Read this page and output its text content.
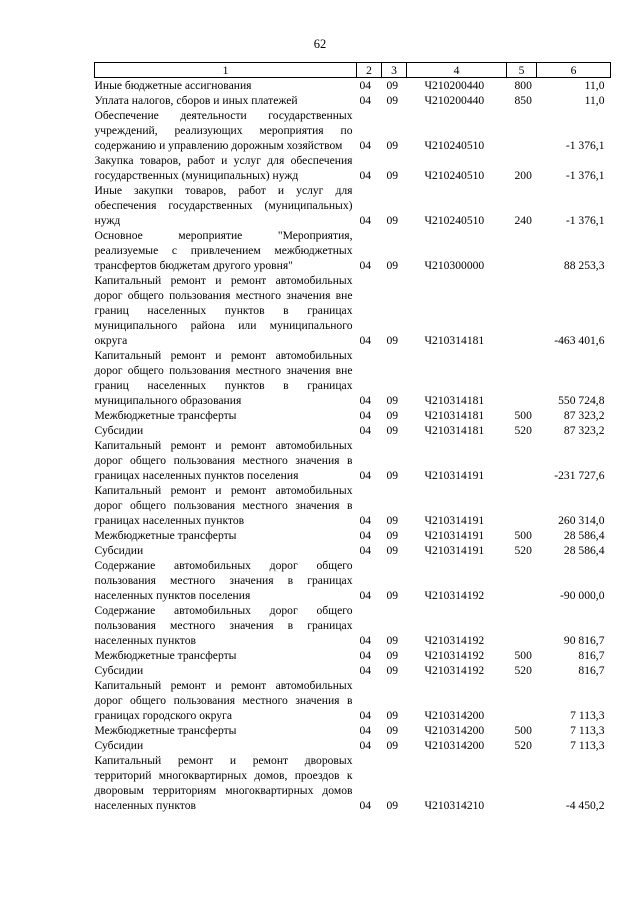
62
1	2	3	4	5	6
Иные бюджетные ассигнования	04	09	Ч210200440	800	11,0
Уплата налогов, сборов и иных платежей	04	09	Ч210200440	850	11,0
Обеспечение деятельности государственных учреждений, реализующих мероприятия по содержанию и управлению дорожным хозяйством	04	09	Ч210240510		-1 376,1
Закупка товаров, работ и услуг для обеспечения государственных (муниципальных) нужд	04	09	Ч210240510	200	-1 376,1
Иные закупки товаров, работ и услуг для обеспечения государственных (муниципальных) нужд	04	09	Ч210240510	240	-1 376,1
Основное мероприятие "Мероприятия, реализуемые с привлечением межбюджетных трансфертов бюджетам другого уровня"	04	09	Ч210300000		88 253,3
Капитальный ремонт и ремонт автомобильных дорог общего пользования местного значения вне границ населенных пунктов в границах муниципального района или муниципального округа	04	09	Ч210314181		-463 401,6
Капитальный ремонт и ремонт автомобильных дорог общего пользования местного значения вне границ населенных пунктов в границах муниципального образования	04	09	Ч210314181		550 724,8
Межбюджетные трансферты	04	09	Ч210314181	500	87 323,2
Субсидии	04	09	Ч210314181	520	87 323,2
Капитальный ремонт и ремонт автомобильных дорог общего пользования местного значения в границах населенных пунктов поселения	04	09	Ч210314191		-231 727,6
Капитальный ремонт и ремонт автомобильных дорог общего пользования местного значения в границах населенных пунктов	04	09	Ч210314191		260 314,0
Межбюджетные трансферты	04	09	Ч210314191	500	28 586,4
Субсидии	04	09	Ч210314191	520	28 586,4
Содержание автомобильных дорог общего пользования местного значения в границах населенных пунктов поселения	04	09	Ч210314192		-90 000,0
Содержание автомобильных дорог общего пользования местного значения в границах населенных пунктов	04	09	Ч210314192		90 816,7
Межбюджетные трансферты	04	09	Ч210314192	500	816,7
Субсидии	04	09	Ч210314192	520	816,7
Капитальный ремонт и ремонт автомобильных дорог общего пользования местного значения в границах городского округа	04	09	Ч210314200		7 113,3
Межбюджетные трансферты	04	09	Ч210314200	500	7 113,3
Субсидии	04	09	Ч210314200	520	7 113,3
Капитальный ремонт и ремонт дворовых территорий многоквартирных домов, проездов к дворовым территориям многоквартирных домов населенных пунктов	04	09	Ч210314210		-4 450,2
